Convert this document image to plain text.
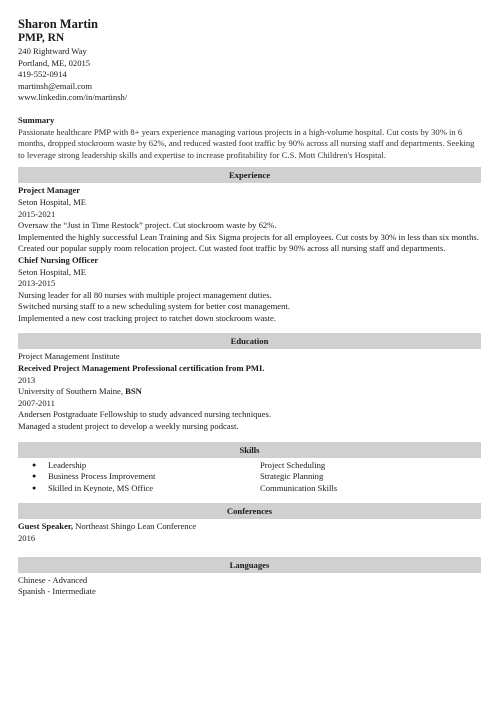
Sharon Martin
PMP, RN
240 Rightward Way
Portland, ME, 02015
419-552-0914
martinsh@email.com
www.linkedin.com/in/martinsh/
Summary
Passionate healthcare PMP with 8+ years experience managing various projects in a high-volume hospital. Cut costs by 30% in 6 months, dropped stockroom waste by 62%, and reduced wasted foot traffic by 90% across all nursing staff and departments. Seeking to leverage strong leadership skills and expertise to increase profitability for C.S. Mott Children's Hospital.
Experience
Project Manager
Seton Hospital, ME
2015-2021
Oversaw the “Just in Time Restock” project. Cut stockroom waste by 62%.
Implemented the highly successful Lean Training and Six Sigma projects for all employees. Cut costs by 30% in less than six months.
Created our popular supply room relocation project. Cut wasted foot traffic by 90% across all nursing staff and departments.
Chief Nursing Officer
Seton Hospital, ME
2013-2015
Nursing leader for all 80 nurses with multiple project management duties.
Switched nursing staff to a new scheduling system for better cost management.
Implemented a new cost tracking project to ratchet down stockroom waste.
Education
Project Management Institute
Received Project Management Professional certification from PMI.
2013
University of Southern Maine, BSN
2007-2011
Andersen Postgraduate Fellowship to study advanced nursing techniques.
Managed a student project to develop a weekly nursing podcast.
Skills
● Leadership	Project Scheduling
● Business Process Improvement	Strategic Planning
● Skilled in Keynote, MS Office	Communication Skills
Conferences
Guest Speaker, Northeast Shingo Lean Conference
2016
Languages
Chinese - Advanced
Spanish - Intermediate
